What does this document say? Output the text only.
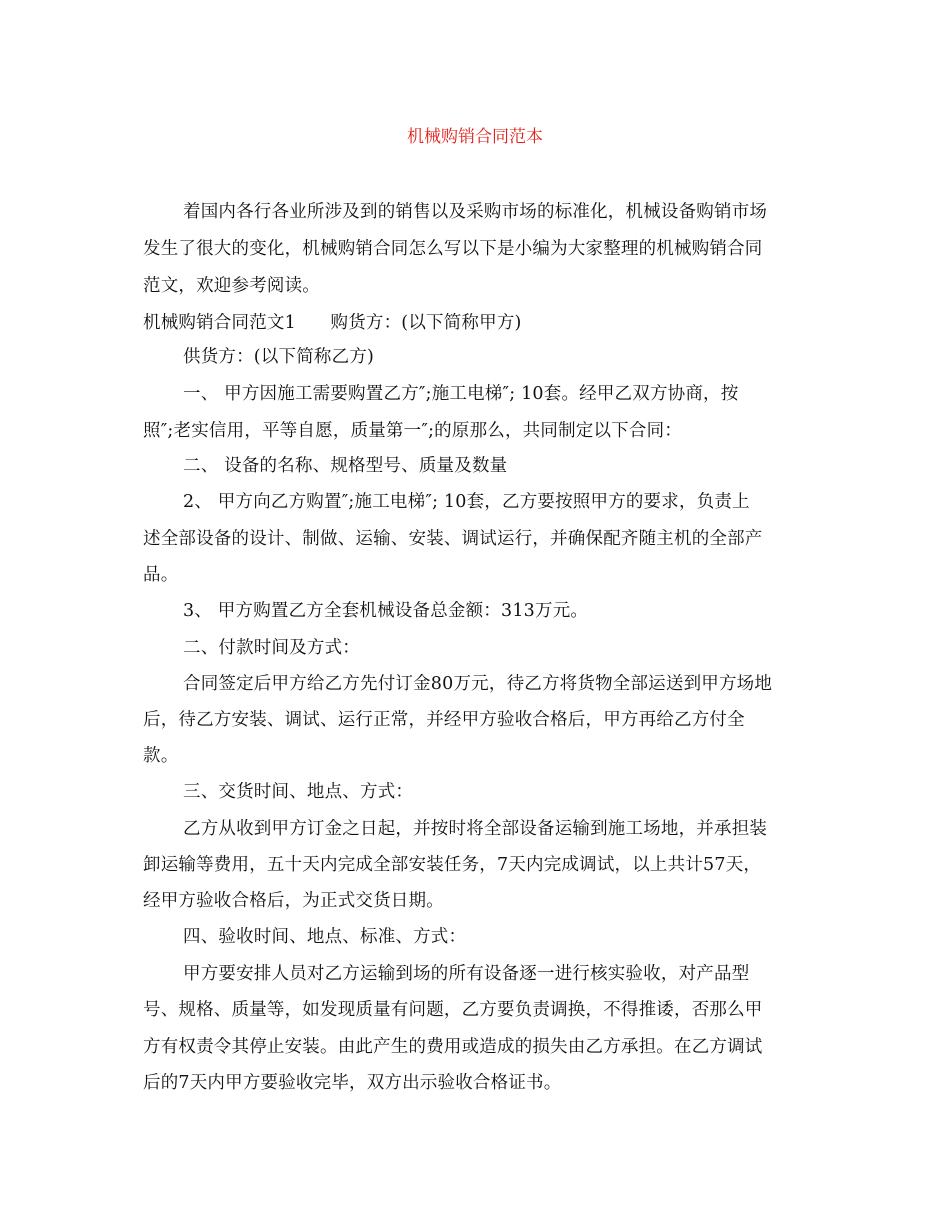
机械购销合同范本
着国内各行各业所涉及到的销售以及采购市场的标准化，机械设备购销市场
发生了很大的变化，机械购销合同怎么写以下是小编为大家整理的机械购销合同
范文，欢迎参考阅读。
机械购销合同范文1      购货方：(以下简称甲方)
供货方：(以下简称乙方)
一、 甲方因施工需要购置乙方″;施工电梯″; 10套。经甲乙双方协商，按
照″;老实信用，平等自愿，质量第一″;的原那么，共同制定以下合同：
二、 设备的名称、规格型号、质量及数量
2、 甲方向乙方购置″;施工电梯″; 10套，乙方要按照甲方的要求，负责上
述全部设备的设计、制做、运输、安装、调试运行，并确保配齐随主机的全部产
品。
3、 甲方购置乙方全套机械设备总金额：313万元。
二、付款时间及方式：
合同签定后甲方给乙方先付订金80万元，待乙方将货物全部运送到甲方场地
后，待乙方安装、调试、运行正常，并经甲方验收合格后，甲方再给乙方付全
款。
三、交货时间、地点、方式：
乙方从收到甲方订金之日起，并按时将全部设备运输到施工场地，并承担装
卸运输等费用，五十天内完成全部安装任务，7天内完成调试，以上共计57天，
经甲方验收合格后，为正式交货日期。
四、验收时间、地点、标准、方式：
甲方要安排人员对乙方运输到场的所有设备逐一进行核实验收，对产品型
号、规格、质量等，如发现质量有问题，乙方要负责调换，不得推诿，否那么甲
方有权责令其停止安装。由此产生的费用或造成的损失由乙方承担。在乙方调试
后的7天内甲方要验收完毕，双方出示验收合格证书。
